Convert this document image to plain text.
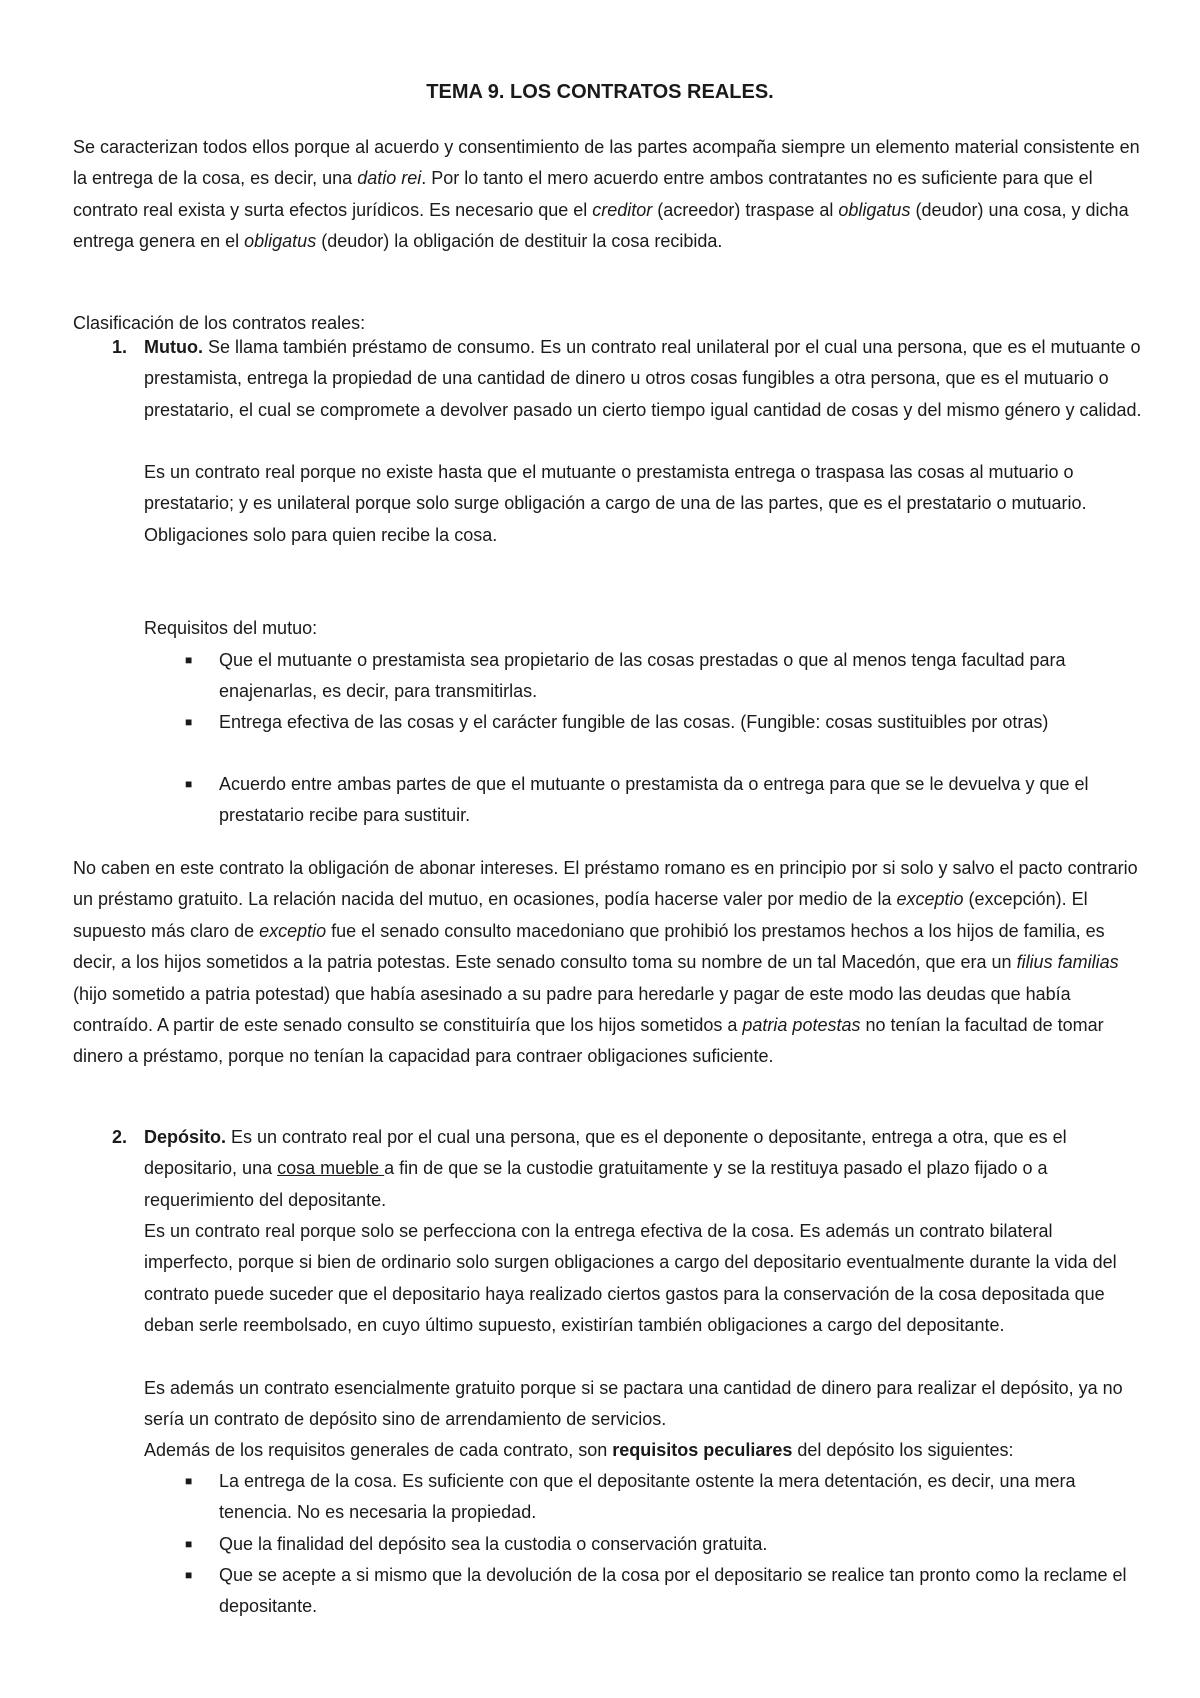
TEMA 9. LOS CONTRATOS REALES.

Se caracterizan todos ellos porque al acuerdo y consentimiento de las partes acompaña siempre un elemento material consistente en la entrega de la cosa, es decir, una datio rei. Por lo tanto el mero acuerdo entre ambos contratantes no es suficiente para que el contrato real exista y surta efectos jurídicos. Es necesario que el creditor (acreedor) traspase al obligatus (deudor) una cosa, y dicha entrega genera en el obligatus (deudor) la obligación de destituir la cosa recibida.

Clasificación de los contratos reales:

1. Mutuo. Se llama también préstamo de consumo. Es un contrato real unilateral por el cual una persona, que es el mutuante o prestamista, entrega la propiedad de una cantidad de dinero u otros cosas fungibles a otra persona, que es el mutuario o prestatario, el cual se compromete a devolver pasado un cierto tiempo igual cantidad de cosas y del mismo género y calidad.

Es un contrato real porque no existe hasta que el mutuante o prestamista entrega o traspasa las cosas al mutuario o prestatario; y es unilateral porque solo surge obligación a cargo de una de las partes, que es el prestatario o mutuario. Obligaciones solo para quien recibe la cosa.

Requisitos del mutuo:

■ Que el mutuante o prestamista sea propietario de las cosas prestadas o que al menos tenga facultad para enajenarlas, es decir, para transmitirlas.
■ Entrega efectiva de las cosas y el carácter fungible de las cosas. (Fungible: cosas sustituibles por otras)
■ Acuerdo entre ambas partes de que el mutuante o prestamista da o entrega para que se le devuelva y que el prestatario recibe para sustituir.

No caben en este contrato la obligación de abonar intereses. El préstamo romano es en principio por si solo y salvo el pacto contrario un préstamo gratuito. La relación nacida del mutuo, en ocasiones, podía hacerse valer por medio de la exceptio (excepción). El supuesto más claro de exceptio fue el senado consulto macedoniano que prohibió los prestamos hechos a los hijos de familia, es decir, a los hijos sometidos a la patria potestas. Este senado consulto toma su nombre de un tal Macedón, que era un filius familias (hijo sometido a patria potestad) que había asesinado a su padre para heredarle y pagar de este modo las deudas que había contraído. A partir de este senado consulto se constituiría que los hijos sometidos a patria potestas no tenían la facultad de tomar dinero a préstamo, porque no tenían la capacidad para contraer obligaciones suficiente.

2. Depósito. Es un contrato real por el cual una persona, que es el deponente o depositante, entrega a otra, que es el depositario, una cosa mueble a fin de que se la custodie gratuitamente y se la restituya pasado el plazo fijado o a requerimiento del depositante.

Es un contrato real porque solo se perfecciona con la entrega efectiva de la cosa. Es además un contrato bilateral imperfecto, porque si bien de ordinario solo surgen obligaciones a cargo del depositario eventualmente durante la vida del contrato puede suceder que el depositario haya realizado ciertos gastos para la conservación de la cosa depositada que deban serle reembolsado, en cuyo último supuesto, existirían también obligaciones a cargo del depositante.

Es además un contrato esencialmente gratuito porque si se pactara una cantidad de dinero para realizar el depósito, ya no sería un contrato de depósito sino de arrendamiento de servicios.

Además de los requisitos generales de cada contrato, son requisitos peculiares del depósito los siguientes:

■ La entrega de la cosa. Es suficiente con que el depositante ostente la mera detentación, es decir, una mera tenencia. No es necesaria la propiedad.
■ Que la finalidad del depósito sea la custodia o conservación gratuita.
■ Que se acepte a si mismo que la devolución de la cosa por el depositario se realice tan pronto como la reclame el depositante.
